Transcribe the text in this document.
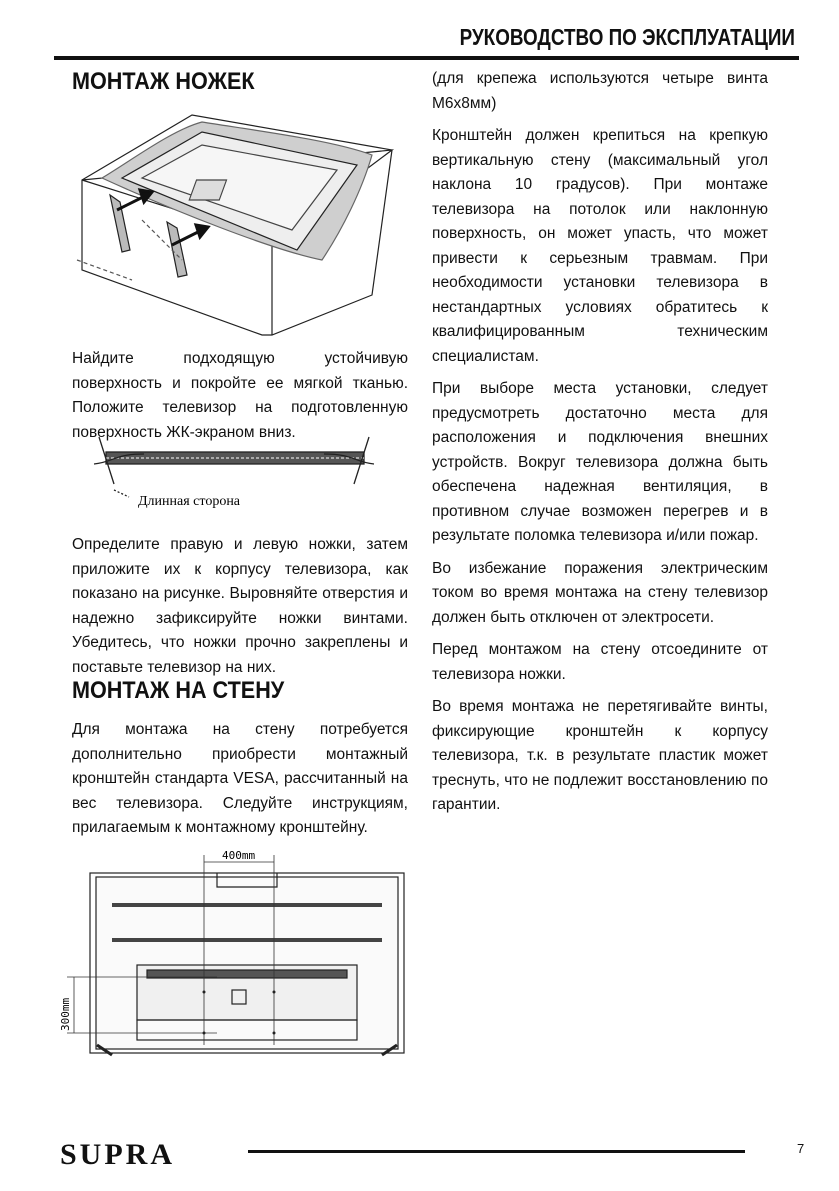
РУКОВОДСТВО ПО ЭКСПЛУАТАЦИИ
МОНТАЖ НОЖЕК

Найдите подходящую устойчивую поверхность и покройте ее мягкой тканью. Положите телевизор на подготовленную поверхность ЖК-экраном вниз.

Длинная сторона

Определите правую и левую ножки, затем приложите их к корпусу телевизора, как показано на рисунке. Выровняйте отверстия и надежно зафиксируйте ножки винтами. Убедитесь, что ножки прочно закреплены и поставьте телевизор на них.

МОНТАЖ НА СТЕНУ

Для монтажа на стену потребуется дополнительно приобрести монтажный кронштейн стандарта VESA, рассчитанный на вес телевизора. Следуйте инструкциям, прилагаемым к монтажному кронштейну.

400mm
300mm

(для крепежа используются четыре винта М6х8мм)

Кронштейн должен крепиться на крепкую вертикальную стену (максимальный угол наклона 10 градусов). При монтаже телевизора на потолок или наклонную поверхность, он может упасть, что может привести к серьезным травмам. При необходимости установки телевизора в нестандартных условиях обратитесь к квалифицированным техническим специалистам.

При выборе места установки, следует предусмотреть достаточно места для расположения и подключения внешних устройств. Вокруг телевизора должна быть обеспечена надежная вентиляция, в противном случае возможен перегрев и в результате поломка телевизора и/или пожар.

Во избежание поражения электрическим током во время монтажа на стену телевизор должен быть отключен от электросети.

Перед монтажом на стену отсоедините от телевизора ножки.

Во время монтажа не перетягивайте винты, фиксирующие кронштейн к корпусу телевизора, т.к. в результате пластик может треснуть, что не подлежит восстановлению по гарантии.

SUPRA	7
